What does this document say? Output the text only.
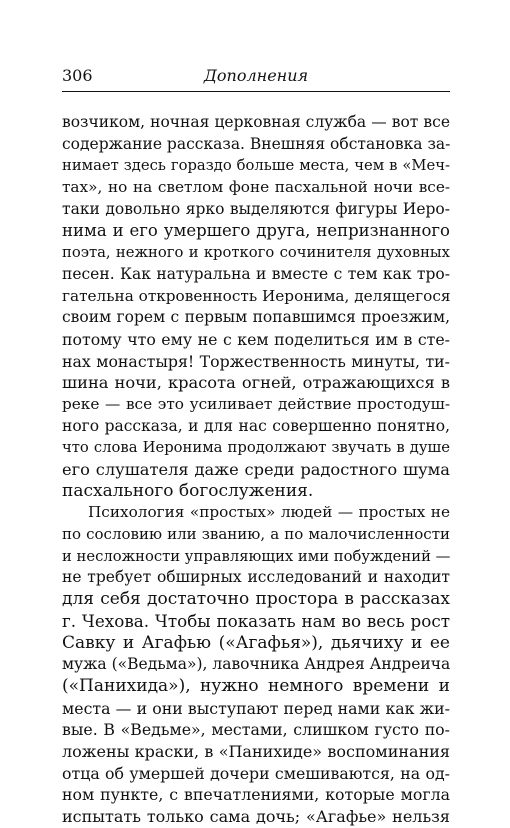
306	Дополнения
возчиком, ночная церковная служба — вот все
содержание рассказа. Внешняя обстановка за-
нимает здесь гораздо больше места, чем в «Меч-
тах», но на светлом фоне пасхальной ночи все-
таки довольно ярко выделяются фигуры Иеро-
нима и его умершего друга, непризнанного
поэта, нежного и кроткого сочинителя духовных
песен. Как натуральна и вместе с тем как тро-
гательна откровенность Иеронима, делящегося
своим горем с первым попавшимся проезжим,
потому что ему не с кем поделиться им в сте-
нах монастыря! Торжественность минуты, ти-
шина ночи, красота огней, отражающихся в
реке — все это усиливает действие простодуш-
ного рассказа, и для нас совершенно понятно,
что слова Иеронима продолжают звучать в душе
его слушателя даже среди радостного шума
пасхального богослужения.
Психология «простых» людей — простых не
по сословию или званию, а по малочисленности
и несложности управляющих ими побуждений —
не требует обширных исследований и находит
для себя достаточно простора в рассказах
г. Чехова. Чтобы показать нам во весь рост
Савку и Агафью («Агафья»), дьячиху и ее
мужа («Ведьма»), лавочника Андрея Андреича
(«Панихида»), нужно немного времени и
места — и они выступают перед нами как жи-
вые. В «Ведьме», местами, слишком густо по-
ложены краски, в «Панихиде» воспоминания
отца об умершей дочери смешиваются, на од-
ном пункте, с впечатлениями, которые могла
испытать только сама дочь; «Агафье» нельзя
